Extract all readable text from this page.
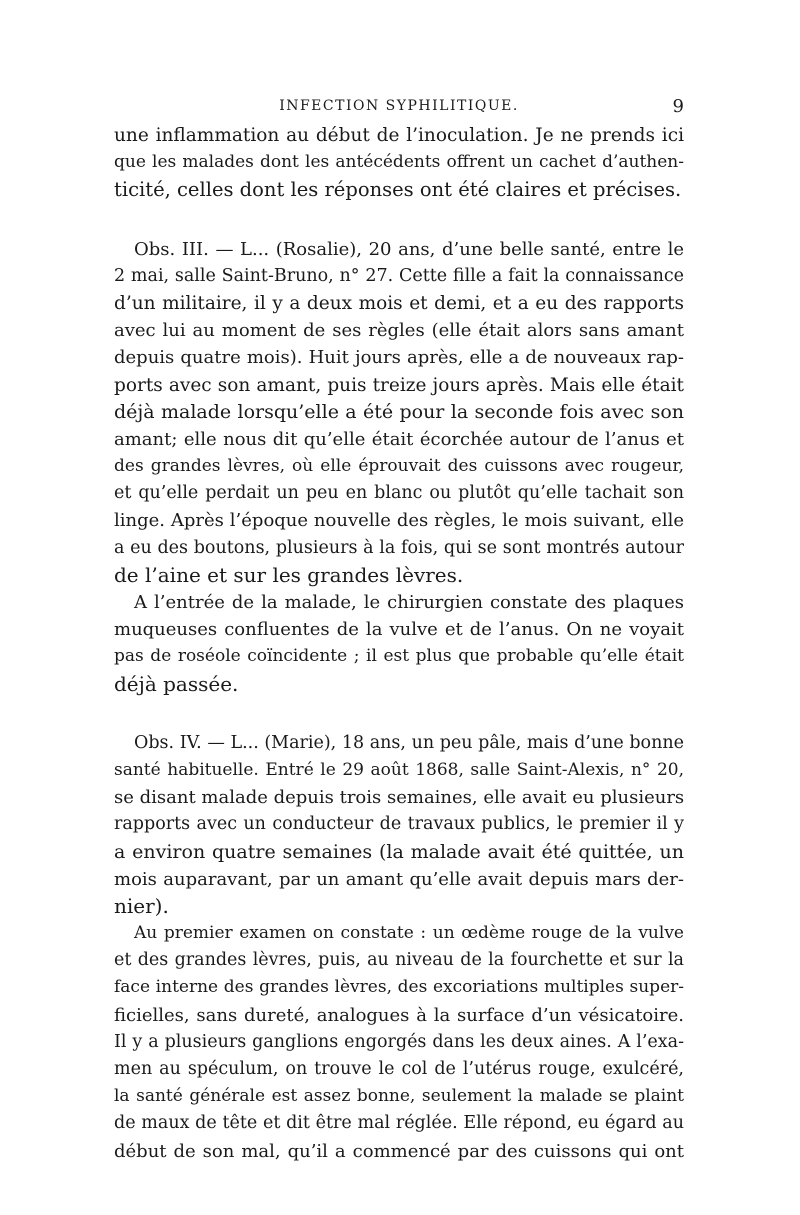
INFECTION SYPHILITIQUE.	9
une inflammation au début de l’inoculation. Je ne prends ici
que les malades dont les antécédents offrent un cachet d’authen-
ticité, celles dont les réponses ont été claires et précises.
Obs. III. — L... (Rosalie), 20 ans, d’une belle santé, entre le
2 mai, salle Saint-Bruno, n° 27. Cette fille a fait la connaissance
d’un militaire, il y a deux mois et demi, et a eu des rapports
avec lui au moment de ses règles (elle était alors sans amant
depuis quatre mois). Huit jours après, elle a de nouveaux rap-
ports avec son amant, puis treize jours après. Mais elle était
déjà malade lorsqu’elle a été pour la seconde fois avec son
amant; elle nous dit qu’elle était écorchée autour de l’anus et
des grandes lèvres, où elle éprouvait des cuissons avec rougeur,
et qu’elle perdait un peu en blanc ou plutôt qu’elle tachait son
linge. Après l’époque nouvelle des règles, le mois suivant, elle
a eu des boutons, plusieurs à la fois, qui se sont montrés autour
de l’aine et sur les grandes lèvres.
A l’entrée de la malade, le chirurgien constate des plaques
muqueuses confluentes de la vulve et de l’anus. On ne voyait
pas de roséole coïncidente ; il est plus que probable qu’elle était
déjà passée.
Obs. IV. — L... (Marie), 18 ans, un peu pâle, mais d’une bonne
santé habituelle. Entré le 29 août 1868, salle Saint-Alexis, n° 20,
se disant malade depuis trois semaines, elle avait eu plusieurs
rapports avec un conducteur de travaux publics, le premier il y
a environ quatre semaines (la malade avait été quittée, un
mois auparavant, par un amant qu’elle avait depuis mars der-
nier).
Au premier examen on constate : un œdème rouge de la vulve
et des grandes lèvres, puis, au niveau de la fourchette et sur la
face interne des grandes lèvres, des excoriations multiples super-
ficielles, sans dureté, analogues à la surface d’un vésicatoire.
Il y a plusieurs ganglions engorgés dans les deux aines. A l’exa-
men au spéculum, on trouve le col de l’utérus rouge, exulcéré,
la santé générale est assez bonne, seulement la malade se plaint
de maux de tête et dit être mal réglée. Elle répond, eu égard au
début de son mal, qu’il a commencé par des cuissons qui ont
